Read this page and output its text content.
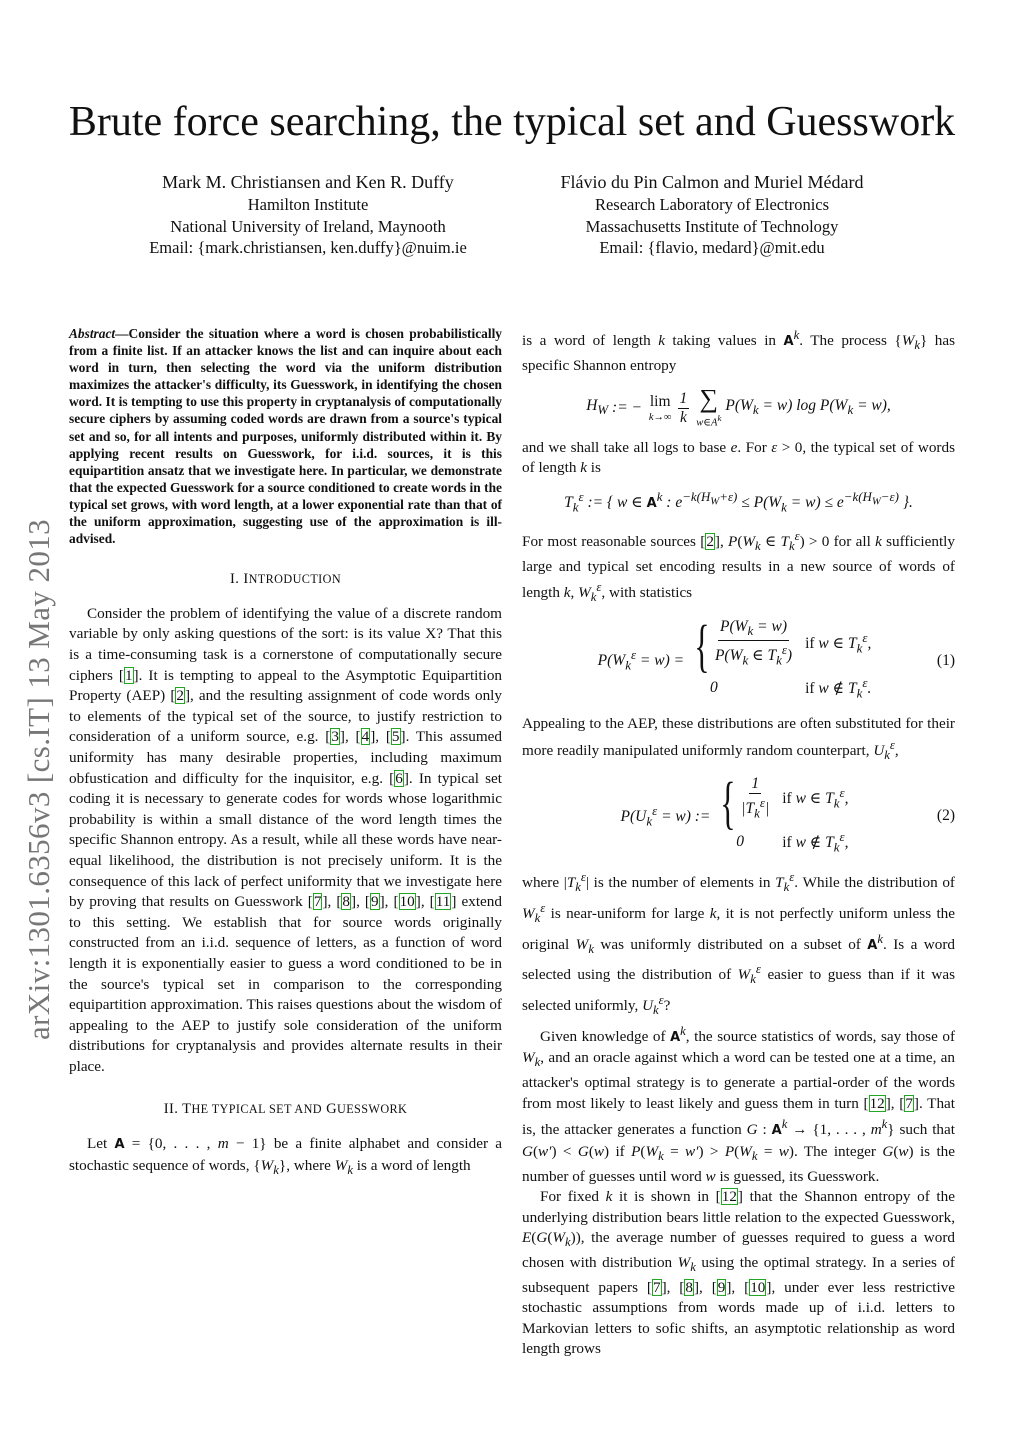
Brute force searching, the typical set and Guesswork
Mark M. Christiansen and Ken R. Duffy
Hamilton Institute
National University of Ireland, Maynooth
Email: {mark.christiansen, ken.duffy}@nuim.ie
Flávio du Pin Calmon and Muriel Médard
Research Laboratory of Electronics
Massachusetts Institute of Technology
Email: {flavio, medard}@mit.edu
arXiv:1301.6356v3 [cs.IT] 13 May 2013

Abstract—Consider the situation where a word is chosen probabilistically from a finite list. If an attacker knows the list and can inquire about each word in turn, then selecting the word via the uniform distribution maximizes the attacker's difficulty, its Guesswork, in identifying the chosen word. It is tempting to use this property in cryptanalysis of computationally secure ciphers by assuming coded words are drawn from a source's typical set and so, for all intents and purposes, uniformly distributed within it. By applying recent results on Guesswork, for i.i.d. sources, it is this equipartition ansatz that we investigate here. In particular, we demonstrate that the expected Guesswork for a source conditioned to create words in the typical set grows, with word length, at a lower exponential rate than that of the uniform approximation, suggesting use of the approximation is ill-advised.

I. INTRODUCTION

Consider the problem of identifying the value of a discrete random variable by only asking questions of the sort: is its value X? That this is a time-consuming task is a cornerstone of computationally secure ciphers [1]. It is tempting to appeal to the Asymptotic Equipartition Property (AEP) [2], and the resulting assignment of code words only to elements of the typical set of the source, to justify restriction to consideration of a uniform source, e.g. [3], [4], [5]. This assumed uniformity has many desirable properties, including maximum obfustication and difficulty for the inquisitor, e.g. [6]. In typical set coding it is necessary to generate codes for words whose logarithmic probability is within a small distance of the word length times the specific Shannon entropy. As a result, while all these words have near-equal likelihood, the distribution is not precisely uniform. It is the consequence of this lack of perfect uniformity that we investigate here by proving that results on Guesswork [7], [8], [9], [10], [11] extend to this setting. We establish that for source words originally constructed from an i.i.d. sequence of letters, as a function of word length it is exponentially easier to guess a word conditioned to be in the source's typical set in comparison to the corresponding equipartition approximation. This raises questions about the wisdom of appealing to the AEP to justify sole consideration of the uniform distributions for cryptanalysis and provides alternate results in their place.

II. THE TYPICAL SET AND GUESSWORK

Let A = {0, . . . , m − 1} be a finite alphabet and consider a stochastic sequence of words, $\{W_k\}$, where $W_k$ is a word of length

is a word of length k taking values in $A^k$. The process $\{W_k\}$ has specific Shannon entropy

$H_W$ := − lim
$k\to\infty \frac{1}{k}$ ∑
$w\in A^k$
$P(W_k = w)$ $\log P(W_k = w)$,

and we shall take all logs to base e. For ε > 0, the typical set of words of length k is

$T_k^\varepsilon$ := { w ∈ $A^k$ : $e^{-k(H_W+\varepsilon)} \le P(W_k = w) \le e^{-k(H_W-\varepsilon)}$ }.

For most reasonable sources [2], $P(W_k$ ∈ $T_k^\varepsilon) > 0$ for all k sufficiently large and typical set encoding results in a new source of words of length k, $W_k^\varepsilon$, with statistics

$P(W_k^\varepsilon = w)$ = { $\frac{P(W_k = w)}{P(W_k \in T_k^\varepsilon)}$	if w ∈ $T_k^\varepsilon$,
0	if w ∉ $T_k^\varepsilon$.
(1)

Appealing to the AEP, these distributions are often substituted for their more readily manipulated uniformly random counterpart, $U_k^\varepsilon$,

$P(U_k^\varepsilon = w)$ := { $\frac{1}{|T_k^\varepsilon|}$	if w ∈ $T_k^\varepsilon$,
0	if w ∉ $T_k^\varepsilon$,
(2)

where $|T_k^\varepsilon|$ is the number of elements in $T_k^\varepsilon$. While the distribution of $W_k^\varepsilon$ is near-uniform for large k, it is not perfectly uniform unless the original $W_k$ was uniformly distributed on a subset of $A^k$. Is a word selected using the distribution of $W_k^\varepsilon$ easier to guess than if it was selected uniformly, $U_k^\varepsilon$?

Given knowledge of $A^k$, the source statistics of words, say those of $W_k$, and an oracle against which a word can be tested one at a time, an attacker's optimal strategy is to generate a partial-order of the words from most likely to least likely and guess them in turn [12], [7]. That is, the attacker generates a function G : $A^k \to \{1$, . . . , $m^k$} such that G(w′) < G(w) if $P(W_k = w') > P(W_k = w)$. The integer G(w) is the number of guesses until word w is guessed, its Guesswork.

For fixed k it is shown in [12] that the Shannon entropy of the underlying distribution bears little relation to the expected Guesswork, $E(G(W_k))$, the average number of guesses required to guess a word chosen with distribution $W_k$ using the optimal strategy. In a series of subsequent papers [7], [8], [9], [10], under ever less restrictive stochastic assumptions from words made up of i.i.d. letters to Markovian letters to sofic shifts, an asymptotic relationship as word length grows
